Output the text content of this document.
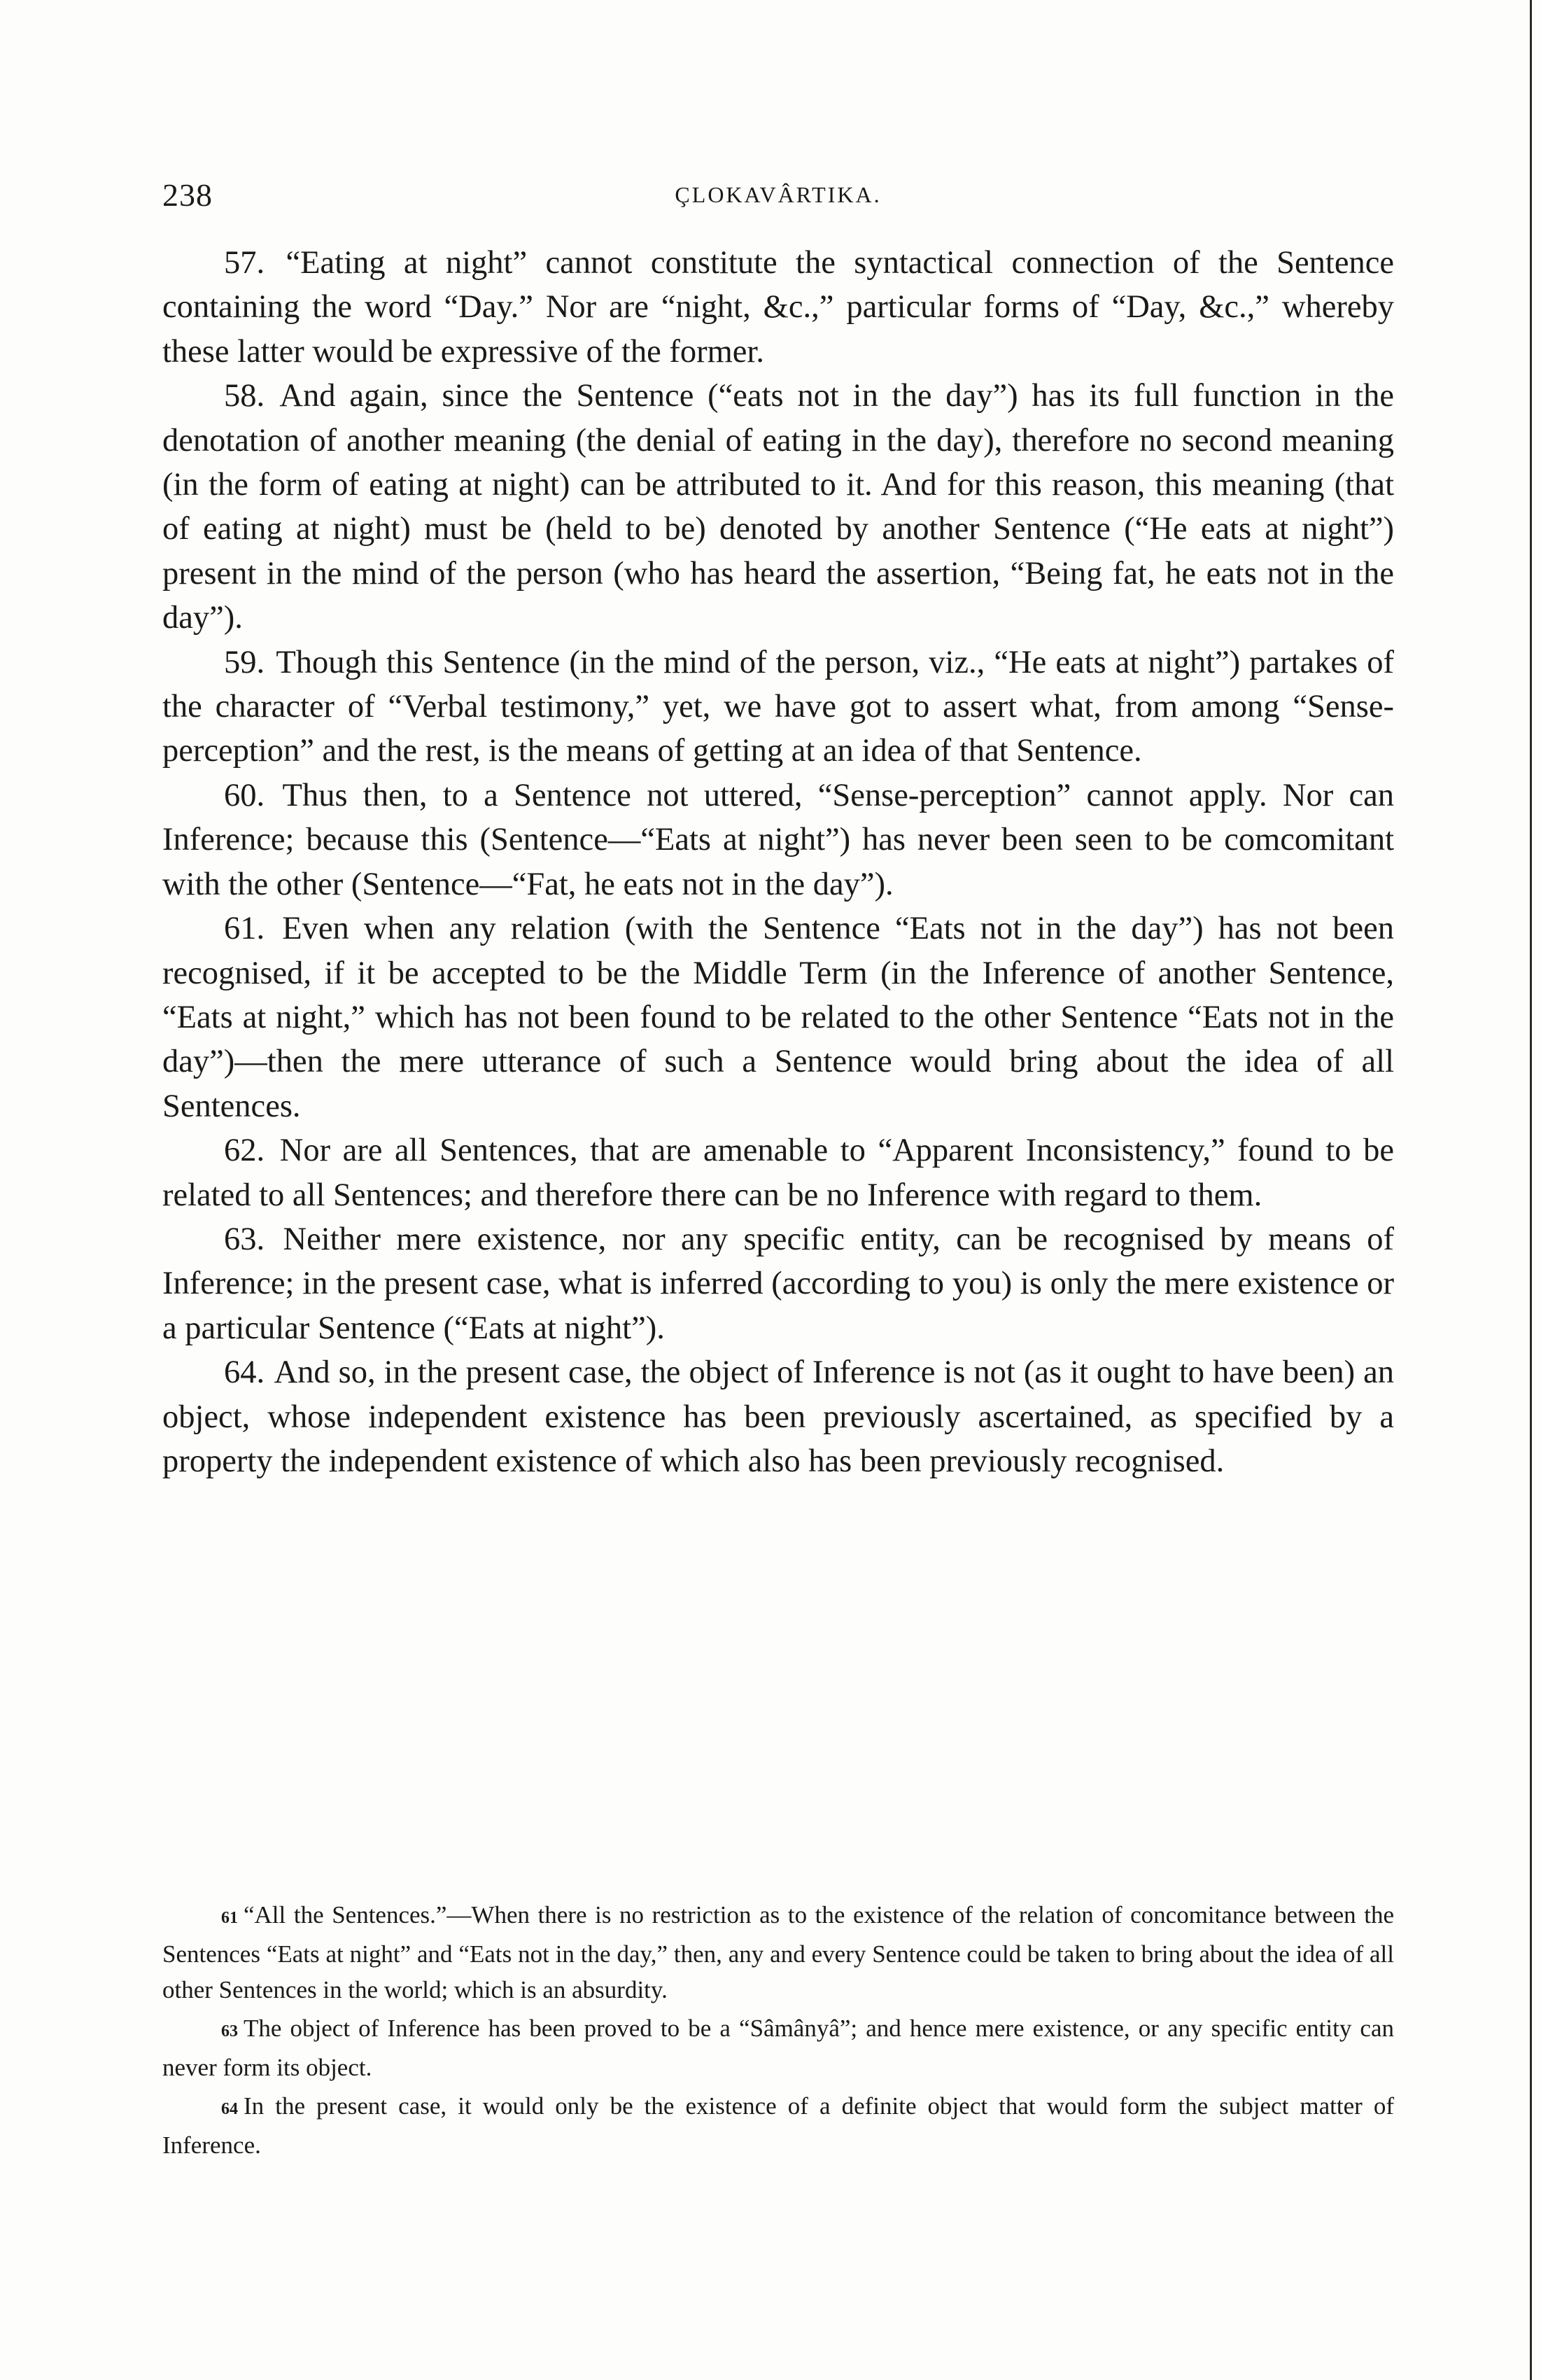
238	ÇLOKAVÂRTIKA.

57. “Eating at night” cannot constitute the syntactical connection of the Sentence containing the word “Day.” Nor are “night, &c.,” particular forms of “Day, &c.,” whereby these latter would be expressive of the former.

58. And again, since the Sentence (“eats not in the day”) has its full function in the denotation of another meaning (the denial of eating in the day), therefore no second meaning (in the form of eating at night) can be attributed to it. And for this reason, this meaning (that of eating at night) must be (held to be) denoted by another Sentence (“He eats at night”) present in the mind of the person (who has heard the assertion, “Being fat, he eats not in the day”).

59. Though this Sentence (in the mind of the person, viz., “He eats at night”) partakes of the character of “Verbal testimony,” yet, we have got to assert what, from among “Sense-perception” and the rest, is the means of getting at an idea of that Sentence.

60. Thus then, to a Sentence not uttered, “Sense-perception” cannot apply. Nor can Inference; because this (Sentence—“Eats at night”) has never been seen to be comcomitant with the other (Sentence—“Fat, he eats not in the day”).

61. Even when any relation (with the Sentence “Eats not in the day”) has not been recognised, if it be accepted to be the Middle Term (in the Inference of another Sentence, “Eats at night,” which has not been found to be related to the other Sentence “Eats not in the day”)—then the mere utterance of such a Sentence would bring about the idea of all Sentences.

62. Nor are all Sentences, that are amenable to “Apparent Inconsistency,” found to be related to all Sentences; and therefore there can be no Inference with regard to them.

63. Neither mere existence, nor any specific entity, can be recognised by means of Inference; in the present case, what is inferred (according to you) is only the mere existence or a particular Sentence (“Eats at night”).

64. And so, in the present case, the object of Inference is not (as it ought to have been) an object, whose independent existence has been previously ascertained, as specified by a property the independent existence of which also has been previously recognised.

61 “All the Sentences.”—When there is no restriction as to the existence of the relation of concomitance between the Sentences “Eats at night” and “Eats not in the day,” then, any and every Sentence could be taken to bring about the idea of all other Sentences in the world; which is an absurdity.

63 The object of Inference has been proved to be a “Sâmânyâ”; and hence mere existence, or any specific entity can never form its object.

64 In the present case, it would only be the existence of a definite object that would form the subject matter of Inference.
